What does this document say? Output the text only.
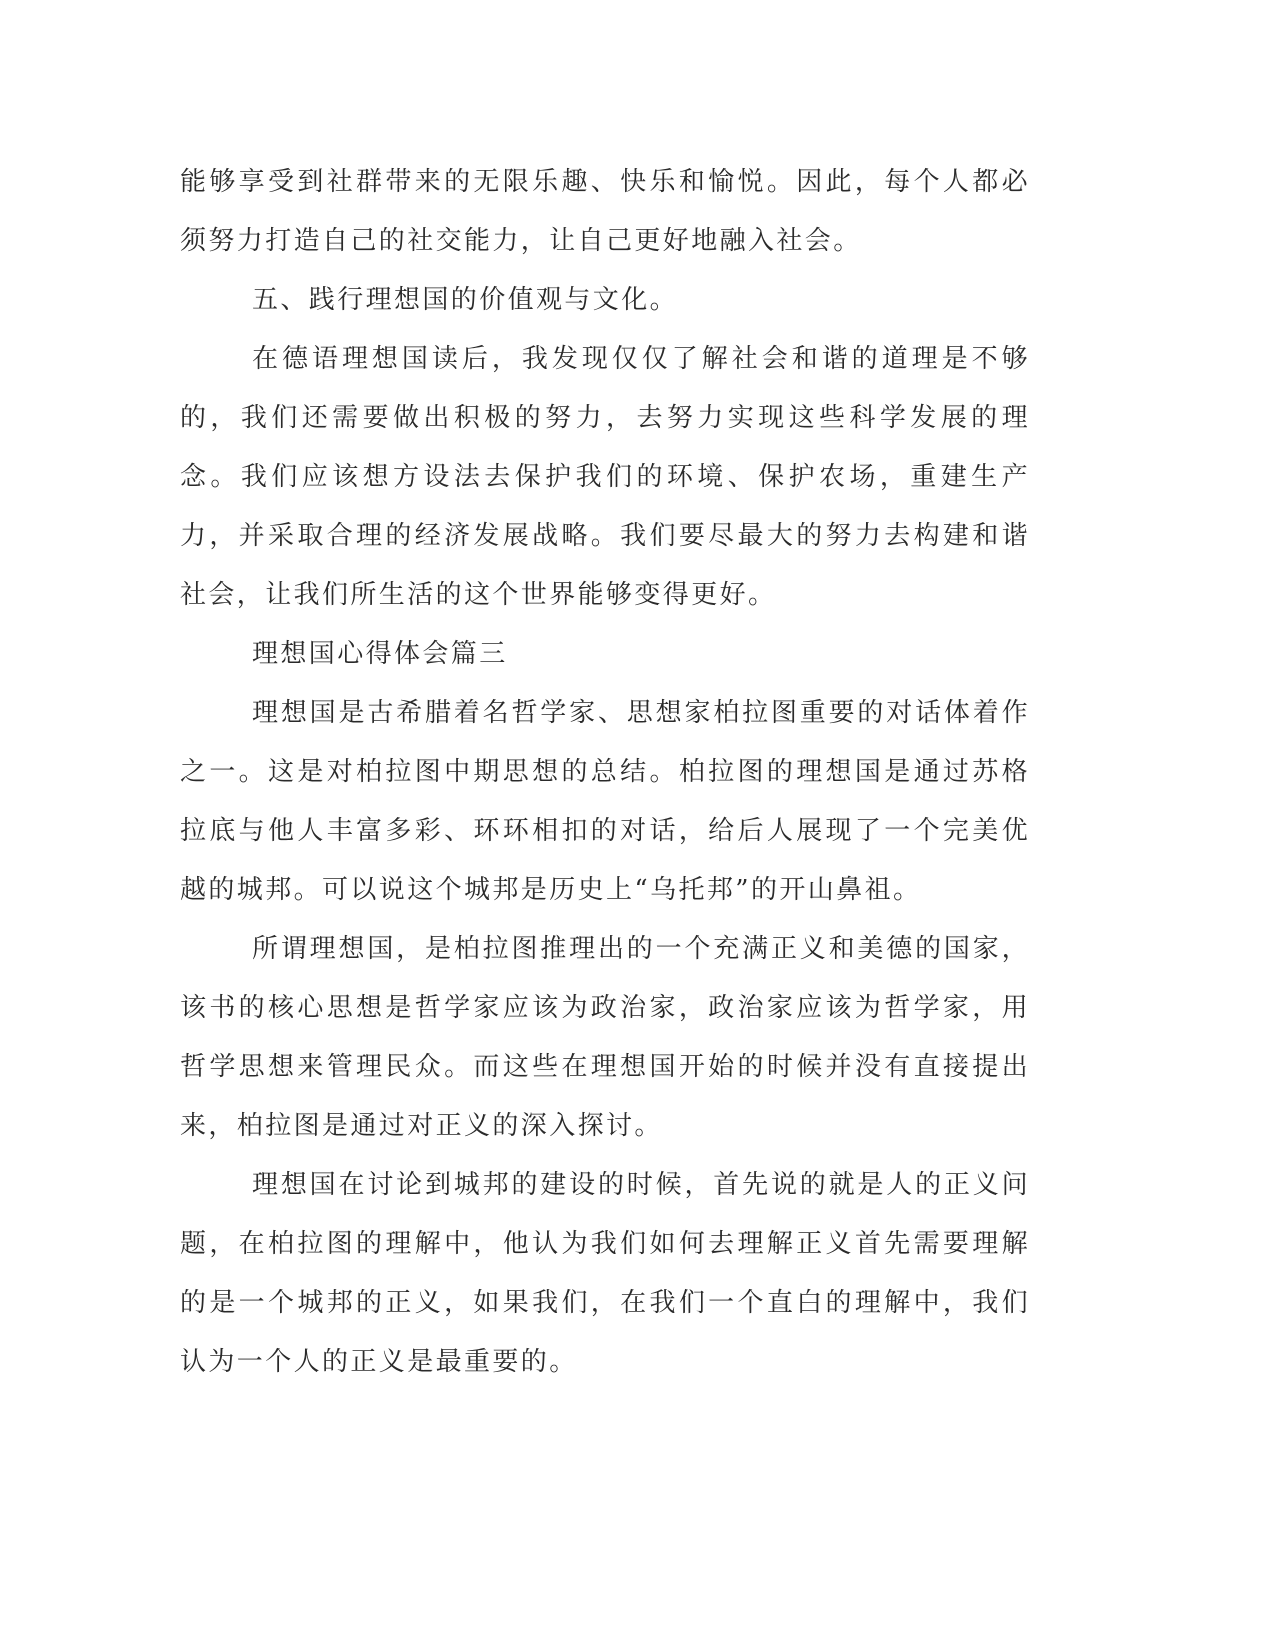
能够享受到社群带来的无限乐趣、快乐和愉悦。因此，每个人都必须努力打造自己的社交能力，让自己更好地融入社会。

五、践行理想国的价值观与文化。

在德语理想国读后，我发现仅仅了解社会和谐的道理是不够的，我们还需要做出积极的努力，去努力实现这些科学发展的理念。我们应该想方设法去保护我们的环境、保护农场，重建生产力，并采取合理的经济发展战略。我们要尽最大的努力去构建和谐社会，让我们所生活的这个世界能够变得更好。

理想国心得体会篇三

理想国是古希腊着名哲学家、思想家柏拉图重要的对话体着作之一。这是对柏拉图中期思想的总结。柏拉图的理想国是通过苏格拉底与他人丰富多彩、环环相扣的对话，给后人展现了一个完美优越的城邦。可以说这个城邦是历史上“乌托邦”的开山鼻祖。

所谓理想国，是柏拉图推理出的一个充满正义和美德的国家，该书的核心思想是哲学家应该为政治家，政治家应该为哲学家，用哲学思想来管理民众。而这些在理想国开始的时候并没有直接提出来，柏拉图是通过对正义的深入探讨。

理想国在讨论到城邦的建设的时候，首先说的就是人的正义问题，在柏拉图的理解中，他认为我们如何去理解正义首先需要理解的是一个城邦的正义，如果我们，在我们一个直白的理解中，我们认为一个人的正义是最重要的。
